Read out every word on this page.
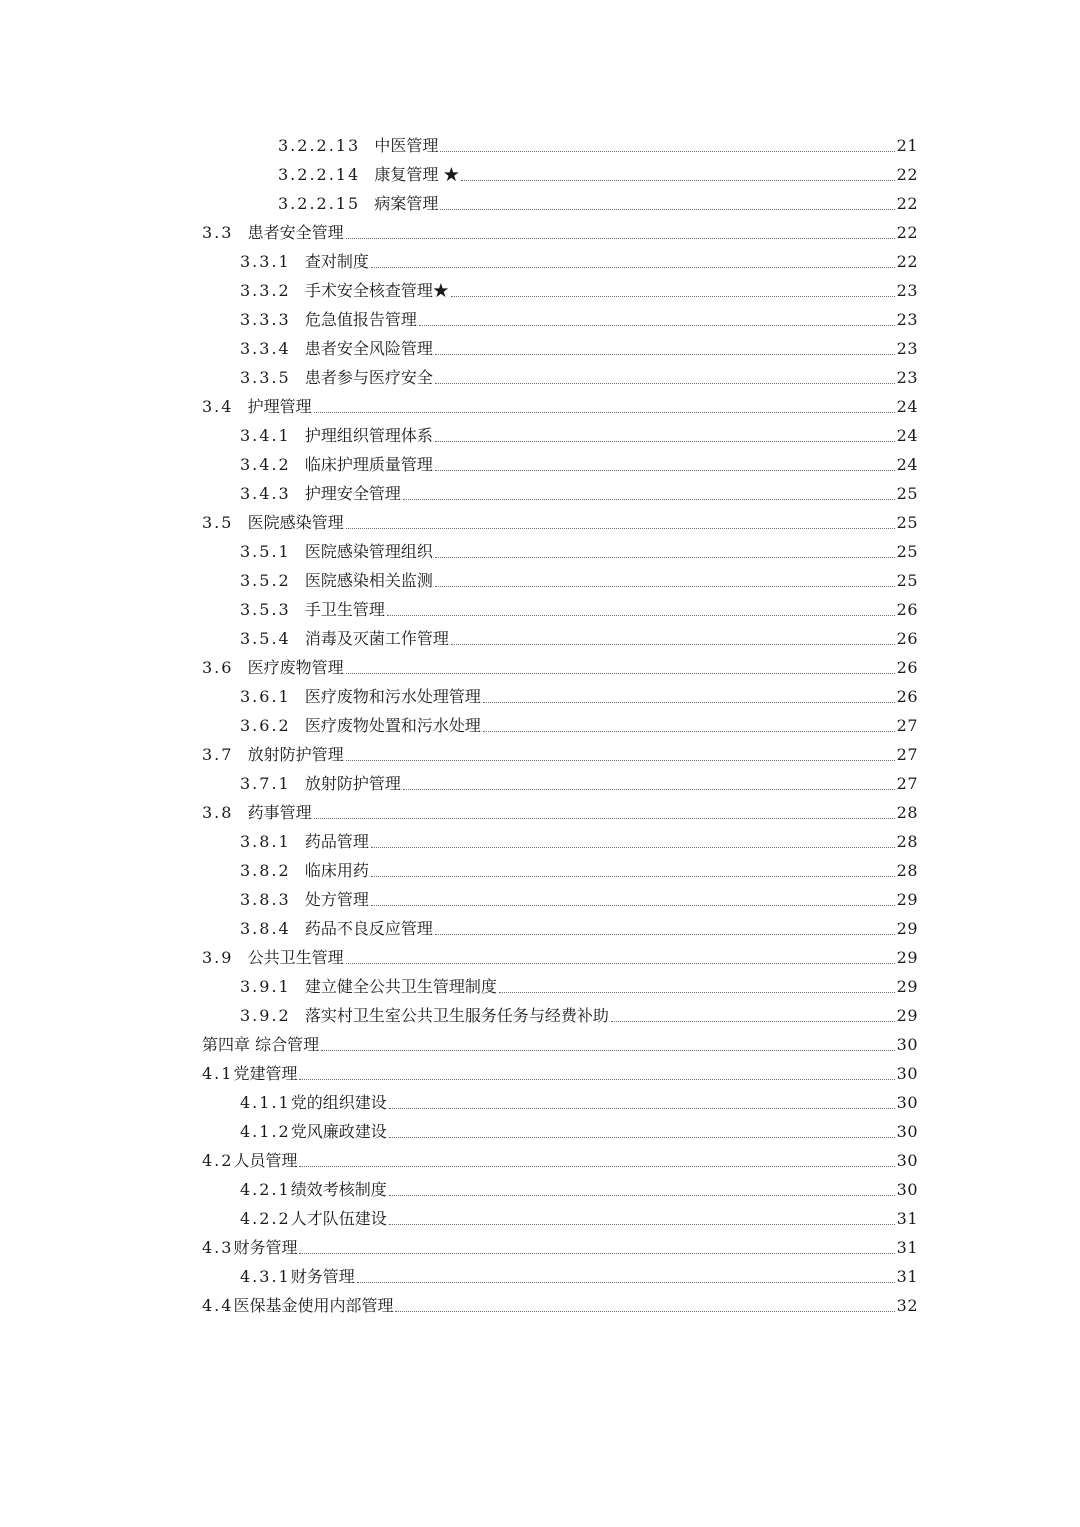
3.2.2.13 中医管理	21
3.2.2.14 康复管理 ★	22
3.2.2.15 病案管理	22
3.3 患者安全管理	22
3.3.1 查对制度	22
3.3.2 手术安全核查管理★	23
3.3.3 危急值报告管理	23
3.3.4 患者安全风险管理	23
3.3.5 患者参与医疗安全	23
3.4 护理管理	24
3.4.1 护理组织管理体系	24
3.4.2 临床护理质量管理	24
3.4.3 护理安全管理	25
3.5 医院感染管理	25
3.5.1 医院感染管理组织	25
3.5.2 医院感染相关监测	25
3.5.3 手卫生管理	26
3.5.4 消毒及灭菌工作管理	26
3.6 医疗废物管理	26
3.6.1 医疗废物和污水处理管理	26
3.6.2 医疗废物处置和污水处理	27
3.7 放射防护管理	27
3.7.1 放射防护管理	27
3.8 药事管理	28
3.8.1 药品管理	28
3.8.2 临床用药	28
3.8.3 处方管理	29
3.8.4 药品不良反应管理	29
3.9 公共卫生管理	29
3.9.1 建立健全公共卫生管理制度	29
3.9.2 落实村卫生室公共卫生服务任务与经费补助	29
第四章 综合管理	30
4.1 党建管理	30
4.1.1 党的组织建设	30
4.1.2 党风廉政建设	30
4.2 人员管理	30
4.2.1 绩效考核制度	30
4.2.2 人才队伍建设	31
4.3 财务管理	31
4.3.1 财务管理	31
4.4 医保基金使用内部管理	32
